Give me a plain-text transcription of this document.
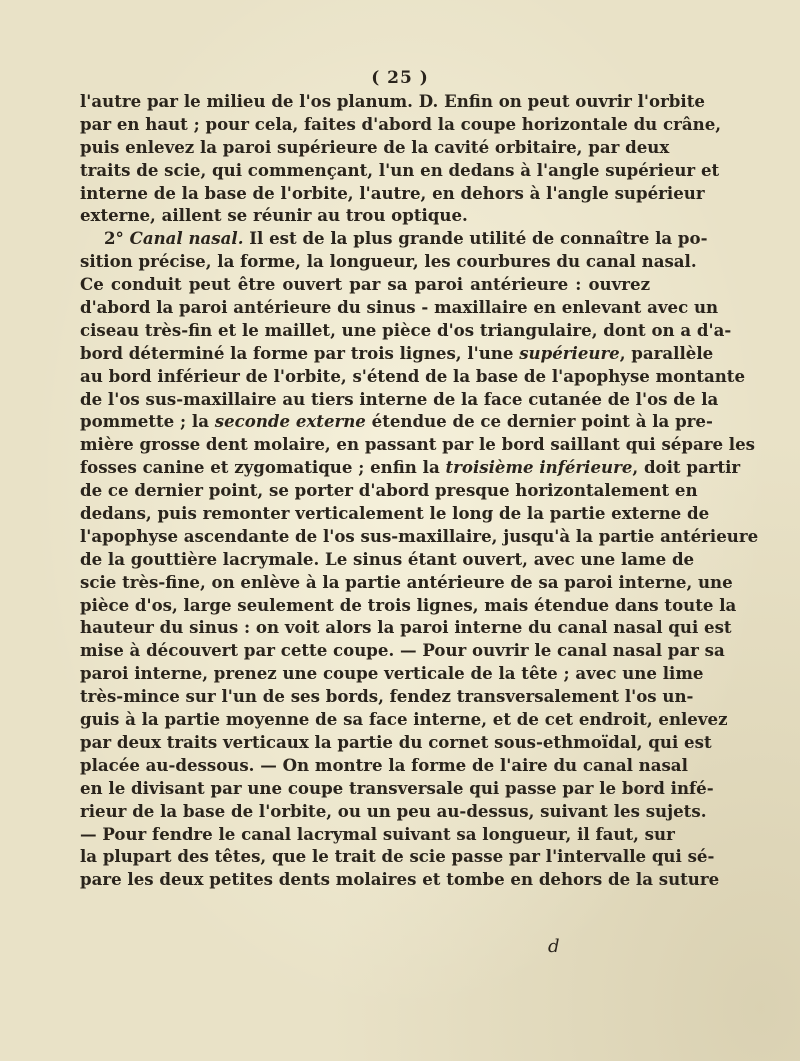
( 25 )
l'autre par le milieu de l'os planum. D. Enfin on peut ouvrir l'orbite
par en haut ; pour cela, faites d'abord la coupe horizontale du crâne,
puis enlevez la paroi supérieure de la cavité orbitaire, par deux
traits de scie, qui commençant, l'un en dedans à l'angle supérieur et
interne de la base de l'orbite, l'autre, en dehors à l'angle supérieur
externe, aillent se réunir au trou optique.
2° Canal nasal. Il est de la plus grande utilité de connaître la po-
sition précise, la forme, la longueur, les courbures du canal nasal.
Ce conduit peut être ouvert par sa paroi antérieure : ouvrez
d'abord la paroi antérieure du sinus - maxillaire en enlevant avec un
ciseau très-fin et le maillet, une pièce d'os triangulaire, dont on a d'a-
bord déterminé la forme par trois lignes, l'une supérieure, parallèle
au bord inférieur de l'orbite, s'étend de la base de l'apophyse montante
de l'os sus-maxillaire au tiers interne de la face cutanée de l'os de la
pommette ; la seconde externe étendue de ce dernier point à la pre-
mière grosse dent molaire, en passant par le bord saillant qui sépare les
fosses canine et zygomatique ; enfin la troisième inférieure, doit partir
de ce dernier point, se porter d'abord presque horizontalement en
dedans, puis remonter verticalement le long de la partie externe de
l'apophyse ascendante de l'os sus-maxillaire, jusqu'à la partie antérieure
de la gouttière lacrymale. Le sinus étant ouvert, avec une lame de
scie très-fine, on enlève à la partie antérieure de sa paroi interne, une
pièce d'os, large seulement de trois lignes, mais étendue dans toute la
hauteur du sinus : on voit alors la paroi interne du canal nasal qui est
mise à découvert par cette coupe. — Pour ouvrir le canal nasal par sa
paroi interne, prenez une coupe verticale de la tête ; avec une lime
très-mince sur l'un de ses bords, fendez transversalement l'os un-
guis à la partie moyenne de sa face interne, et de cet endroit, enlevez
par deux traits verticaux la partie du cornet sous-ethmoïdal, qui est
placée au-dessous. — On montre la forme de l'aire du canal nasal
en le divisant par une coupe transversale qui passe par le bord infé-
rieur de la base de l'orbite, ou un peu au-dessus, suivant les sujets.
— Pour fendre le canal lacrymal suivant sa longueur, il faut, sur
la plupart des têtes, que le trait de scie passe par l'intervalle qui sé-
pare les deux petites dents molaires et tombe en dehors de la suture
d
